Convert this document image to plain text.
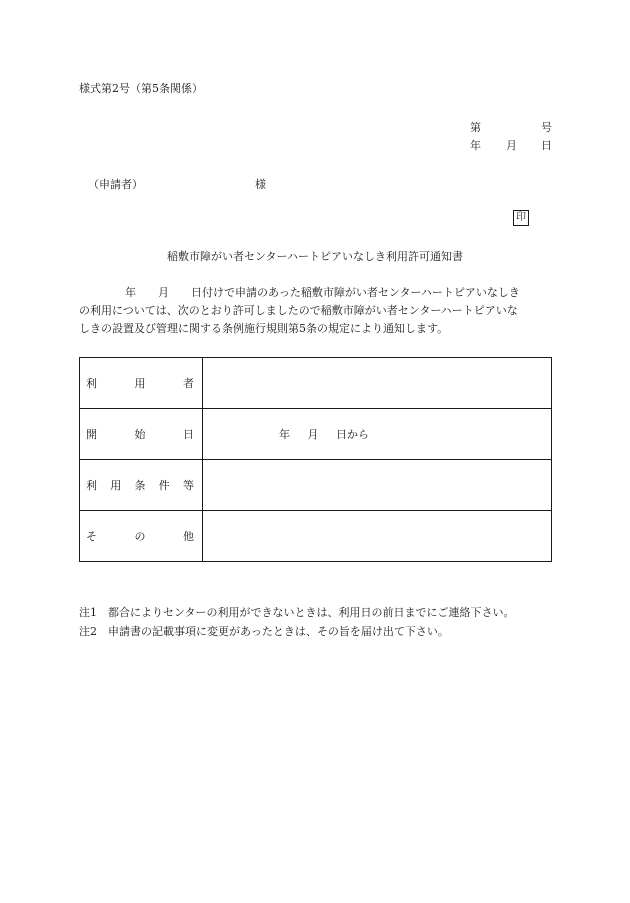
様式第2号（第5条関係）
第	号
年 月 日
（申請者）	様
印
稲敷市障がい者センターハートピアいなしき利用許可通知書
年　　月　　日付けで申請のあった稲敷市障がい者センターハートピアいなしき
の利用については、次のとおり許可しましたので稲敷市障がい者センターハートピアいな
しきの設置及び管理に関する条例施行規則第5条の規定により通知します。
利 用 者	

開 始 日	年 月 日から

利 用 条 件 等	

そ の 他	

注1　都合によりセンターの利用ができないときは、利用日の前日までにご連絡下さい。
注2　申請書の記載事項に変更があったときは、その旨を届け出て下さい。
